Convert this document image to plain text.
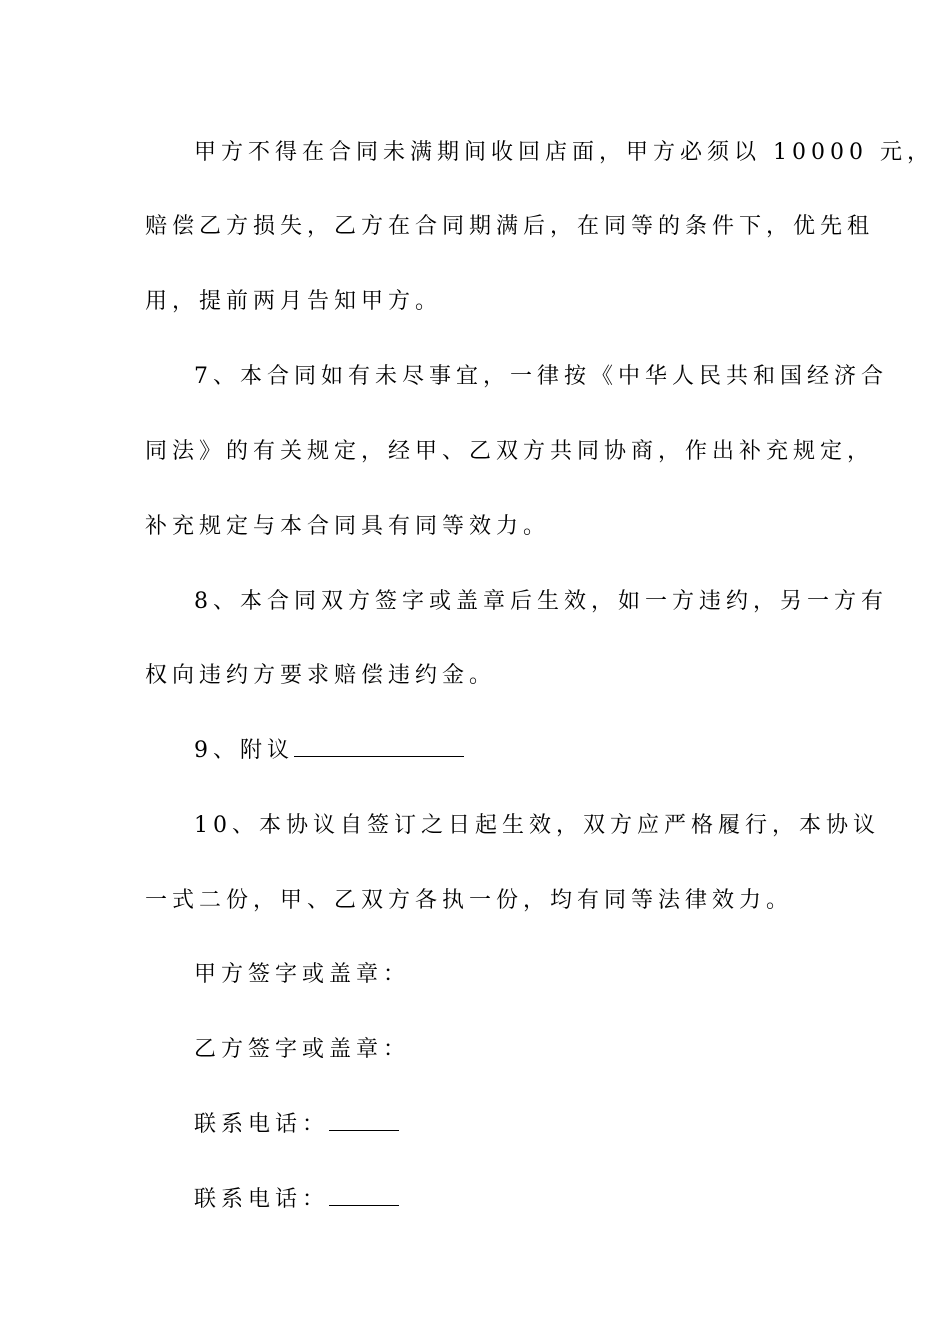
甲方不得在合同未满期间收回店面，甲方必须以 10000 元，
赔偿乙方损失，乙方在合同期满后，在同等的条件下，优先租
用，提前两月告知甲方。
7、本合同如有未尽事宜，一律按《中华人民共和国经济合
同法》的有关规定，经甲、乙双方共同协商，作出补充规定，
补充规定与本合同具有同等效力。
8、本合同双方签字或盖章后生效，如一方违约，另一方有
权向违约方要求赔偿违约金。
9、附议
10、本协议自签订之日起生效，双方应严格履行，本协议
一式二份，甲、乙双方各执一份，均有同等法律效力。
甲方签字或盖章：
乙方签字或盖章：
联系电话：
联系电话：
